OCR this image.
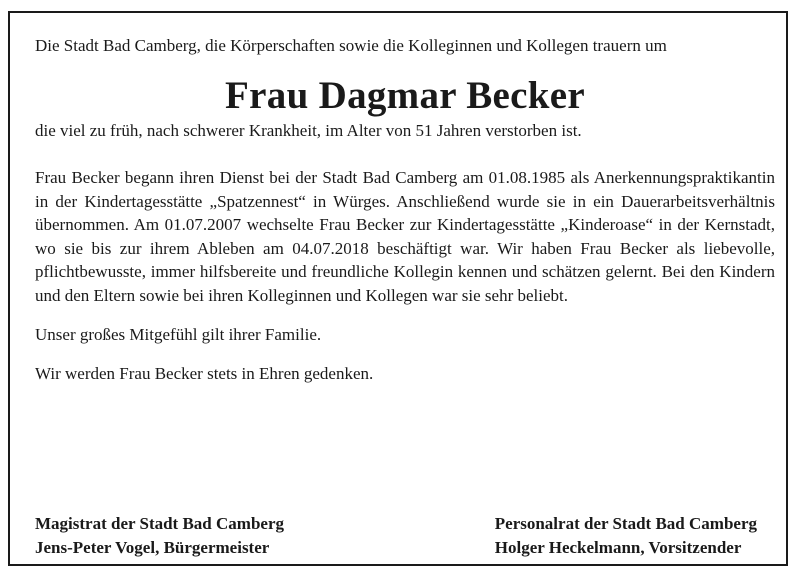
Die Stadt Bad Camberg, die Körperschaften sowie die Kolleginnen und Kollegen trauern um

Frau Dagmar Becker

die viel zu früh, nach schwerer Krankheit, im Alter von 51 Jahren verstorben ist.

Frau Becker begann ihren Dienst bei der Stadt Bad Camberg am 01.08.1985 als Anerkennungspraktikantin in der Kindertagesstätte „Spatzennest“ in Würges. Anschließend wurde sie in ein Dauerarbeitsverhältnis übernommen. Am 01.07.2007 wechselte Frau Becker zur Kindertagesstätte „Kinderoase“ in der Kernstadt, wo sie bis zur ihrem Ableben am 04.07.2018 beschäftigt war. Wir haben Frau Becker als liebevolle, pflichtbewusste, immer hilfsbereite und freundliche Kollegin kennen und schätzen gelernt. Bei den Kindern und den Eltern sowie bei ihren Kolleginnen und Kollegen war sie sehr beliebt.

Unser großes Mitgefühl gilt ihrer Familie.

Wir werden Frau Becker stets in Ehren gedenken.

Magistrat der Stadt Bad Camberg
Jens-Peter Vogel, Bürgermeister
Personalrat der Stadt Bad Camberg
Holger Heckelmann, Vorsitzender
